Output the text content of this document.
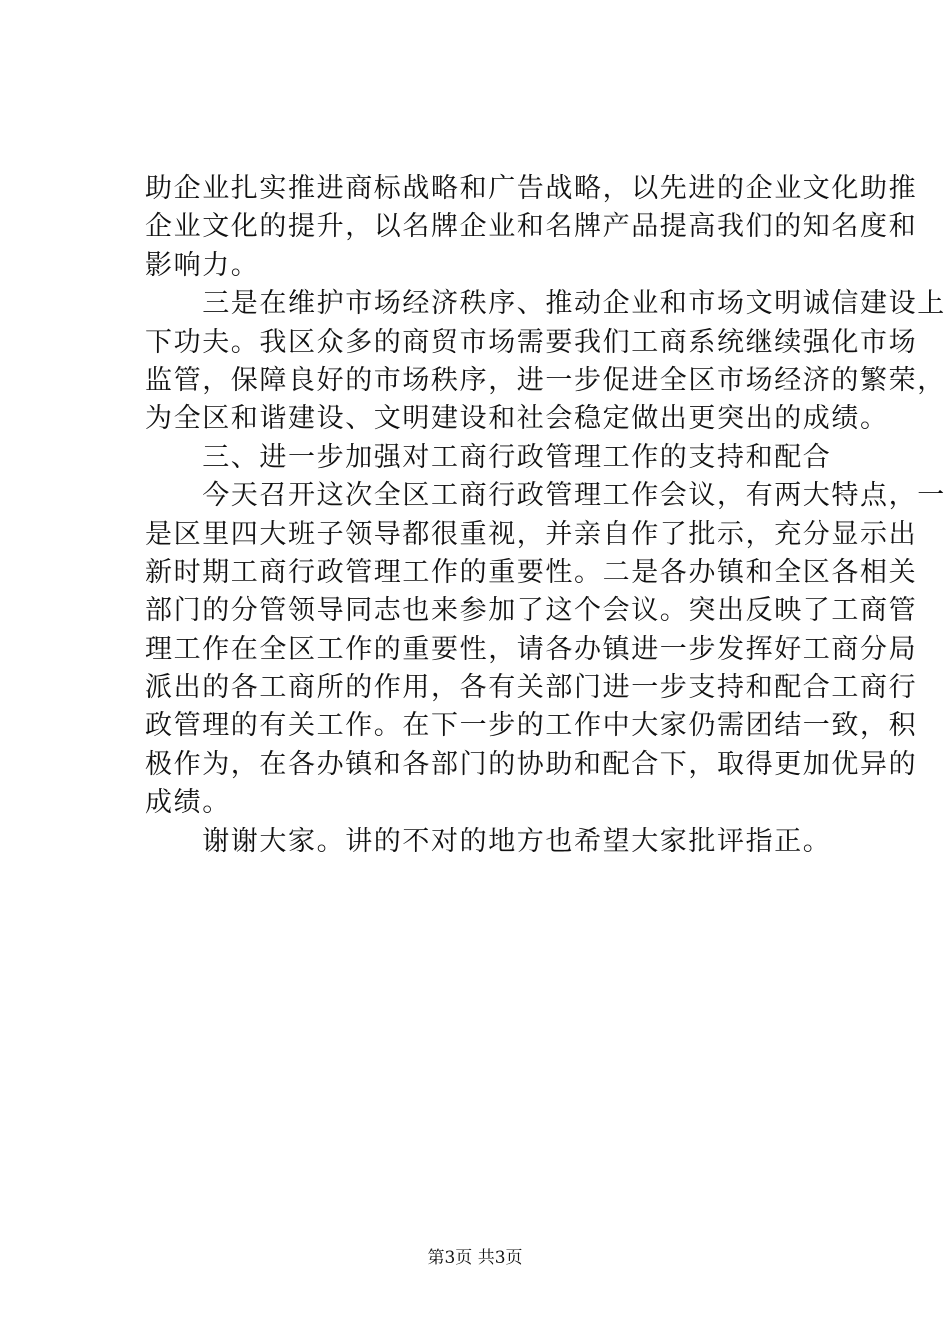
助企业扎实推进商标战略和广告战略，以先进的企业文化助推
企业文化的提升，以名牌企业和名牌产品提高我们的知名度和
影响力。
　　三是在维护市场经济秩序、推动企业和市场文明诚信建设上
下功夫。我区众多的商贸市场需要我们工商系统继续强化市场
监管，保障良好的市场秩序，进一步促进全区市场经济的繁荣，
为全区和谐建设、文明建设和社会稳定做出更突出的成绩。
　　三、进一步加强对工商行政管理工作的支持和配合
　　今天召开这次全区工商行政管理工作会议，有两大特点，一
是区里四大班子领导都很重视，并亲自作了批示，充分显示出
新时期工商行政管理工作的重要性。二是各办镇和全区各相关
部门的分管领导同志也来参加了这个会议。突出反映了工商管
理工作在全区工作的重要性，请各办镇进一步发挥好工商分局
派出的各工商所的作用，各有关部门进一步支持和配合工商行
政管理的有关工作。在下一步的工作中大家仍需团结一致，积
极作为，在各办镇和各部门的协助和配合下，取得更加优异的
成绩。
　　谢谢大家。讲的不对的地方也希望大家批评指正。
第3页 共3页
